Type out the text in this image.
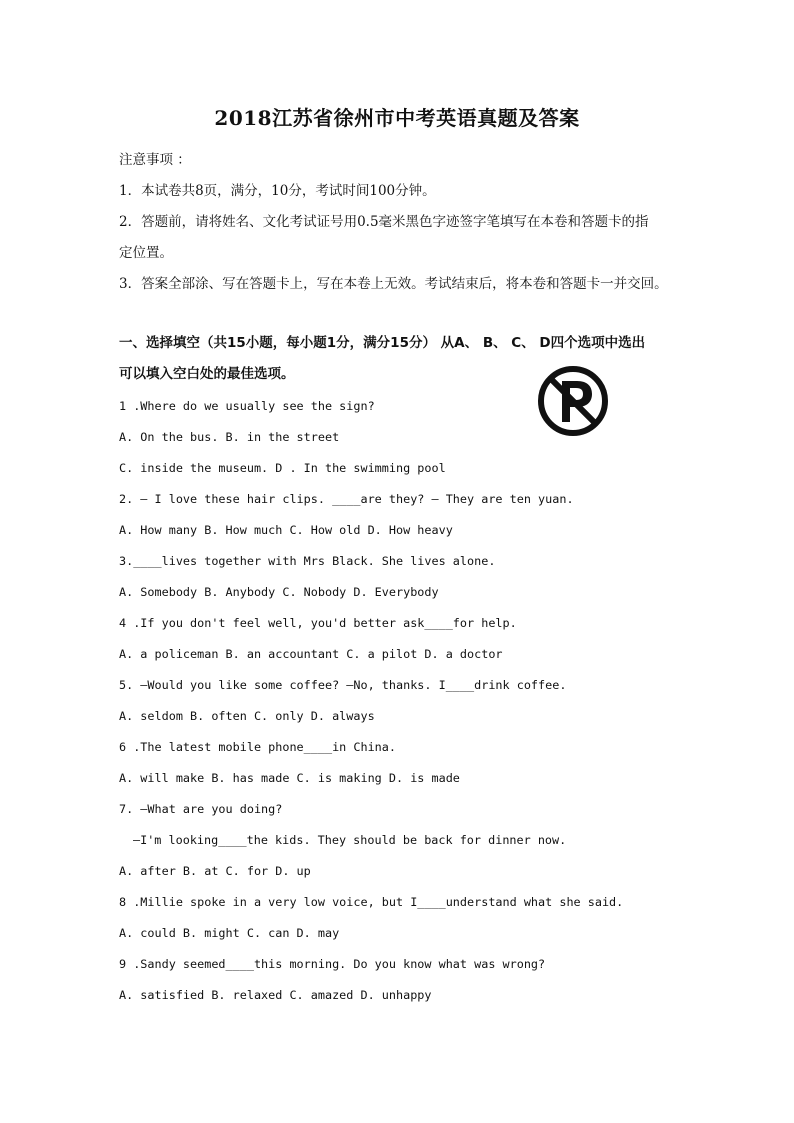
2018江苏省徐州市中考英语真题及答案
注意事项 ：
1．本试卷共8页，满分，10分，考试时间100分钟。
2．答题前，请将姓名、文化考试证号用0.5毫米黑色字迹签字笔填写在本卷和答题卡的指
定位置。
3．答案全部涂、写在答题卡上，写在本卷上无效。考试结束后，将本卷和答题卡一并交回。
一、选择填空（共15小题，每小题1分，满分15分） 从A、 B、 C、 D四个选项中选出
可以填入空白处的最佳选项。
1 .Where do we usually see the sign?
A. On the bus. B. in the street
C. inside the museum. D . In the swimming pool
2. — I love these hair clips. ____are they? — They are ten yuan.
A. How many B. How much C. How old D. How heavy
3.____lives together with Mrs Black. She lives alone.
A. Somebody B. Anybody C. Nobody D. Everybody
4 .If you don't feel well, you'd better ask____for help.
A. a policeman B. an accountant C. a pilot D. a doctor
5. —Would you like some coffee? —No, thanks. I____drink coffee.
A. seldom B. often C. only D. always
6 .The latest mobile phone____in China.
A. will make B. has made C. is making D. is made
7. —What are you doing?
—I'm looking____the kids. They should be back for dinner now.
A. after B. at C. for D. up
8 .Millie spoke in a very low voice, but I____understand what she said.
A. could B. might C. can D. may
9 .Sandy seemed____this morning. Do you know what was wrong?
A. satisfied B. relaxed C. amazed D. unhappy
